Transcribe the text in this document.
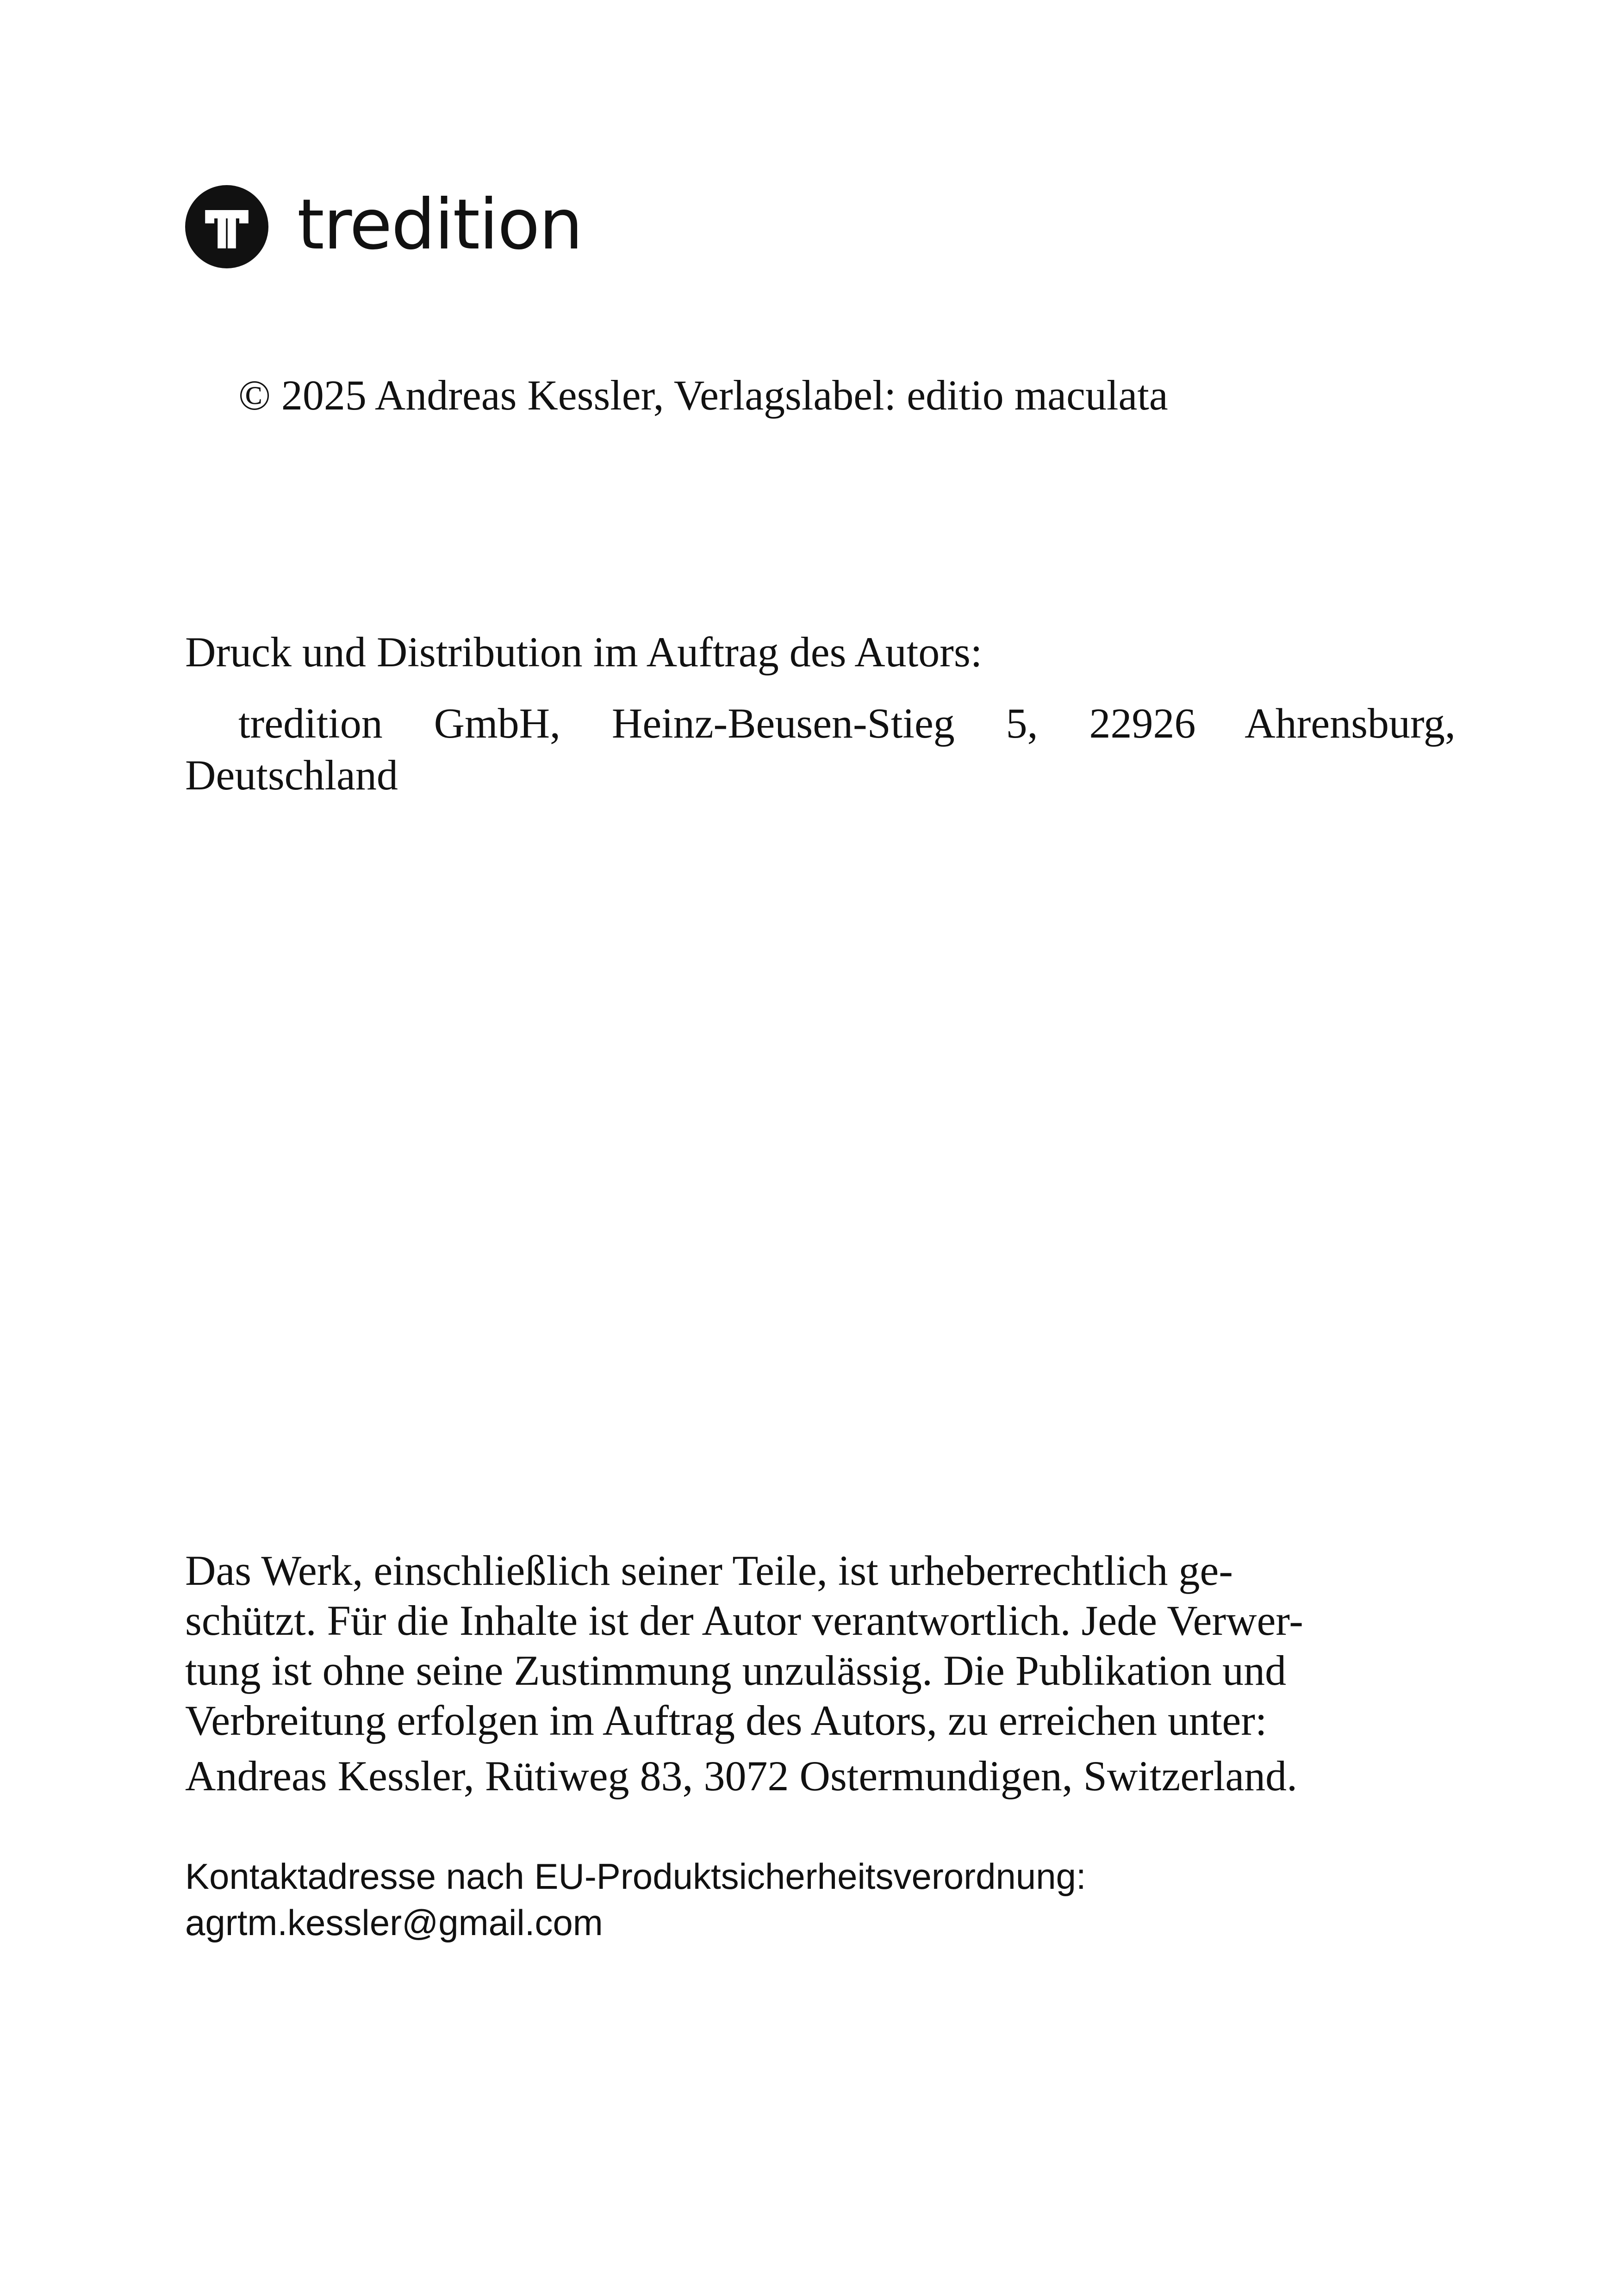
tredition
© 2025 Andreas Kessler, Verlagslabel: editio maculata
Druck und Distribution im Auftrag des Autors:
tredition GmbH, Heinz-Beusen-Stieg 5, 22926 Ahrensburg, Deutschland
Das Werk, einschließlich seiner Teile, ist urheberrechtlich ge-
schützt. Für die Inhalte ist der Autor verantwortlich. Jede Verwer-
tung ist ohne seine Zustimmung unzulässig. Die Publikation und
Verbreitung erfolgen im Auftrag des Autors, zu erreichen unter:
Andreas Kessler, Rütiweg 83, 3072 Ostermundigen, Switzerland.
Kontaktadresse nach EU-Produktsicherheitsverordnung:
agrtm.kessler@gmail.com
